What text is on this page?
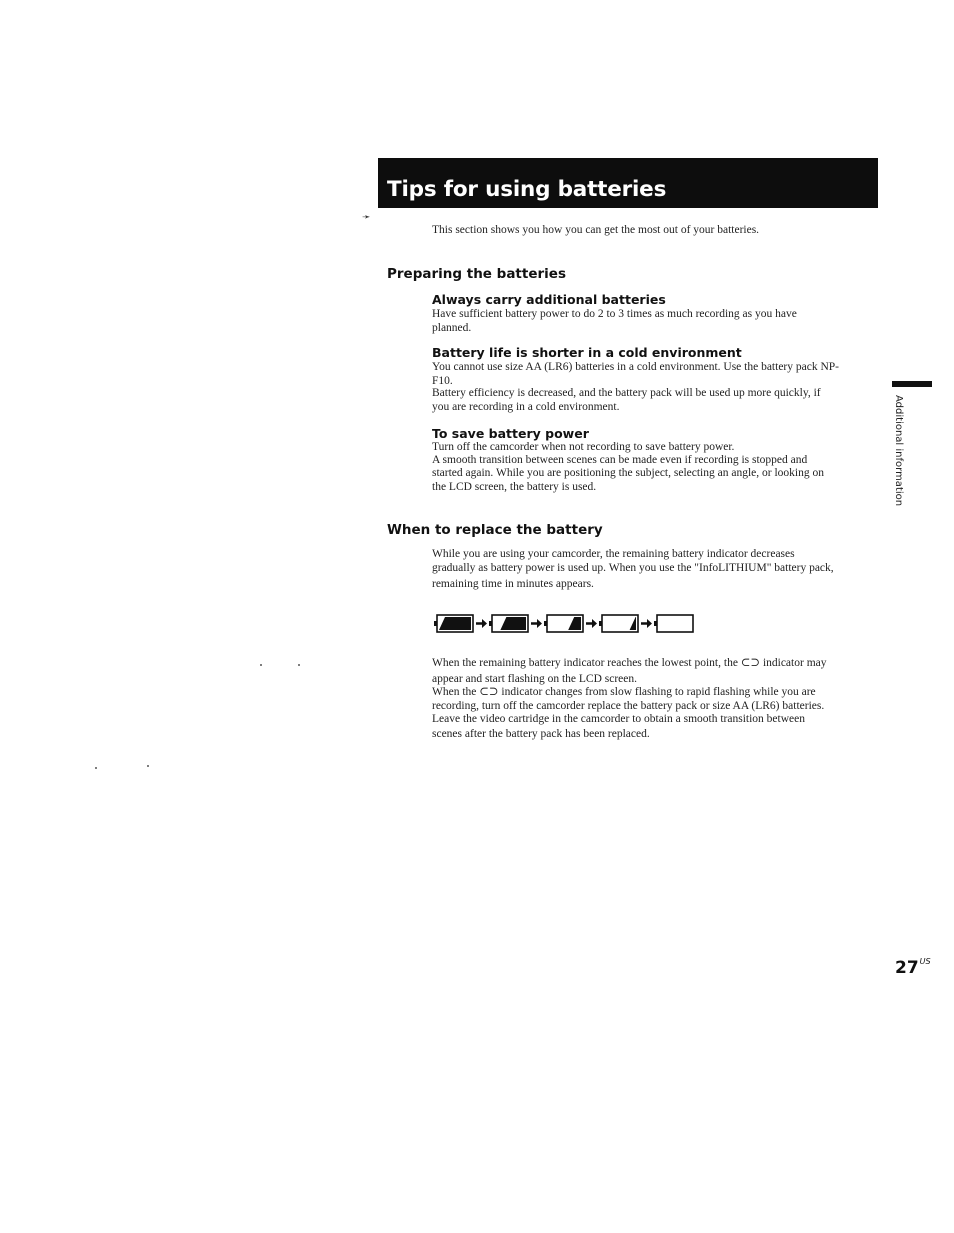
Tips for using batteries
➛

This section shows you how you can get the most out of your batteries.

Preparing the batteries
Always carry additional batteries

Have sufficient battery power to do 2 to 3 times as much recording as you have

planned.

Battery life is shorter in a cold environment

You cannot use size AA (LR6) batteries in a cold environment. Use the battery pack NP-

F10.

Battery efficiency is decreased, and the battery pack will be used up more quickly, if

you are recording in a cold environment.

To save battery power

Turn off the camcorder when not recording to save battery power.

A smooth transition between scenes can be made even if recording is stopped and

started again. While you are positioning the subject, selecting an angle, or looking on

the LCD screen, the battery is used.

When to replace the battery

While you are using your camcorder, the remaining battery indicator decreases

gradually as battery power is used up. When you use the "InfoLITHIUM" battery pack,

remaining time in minutes appears.

When the remaining battery indicator reaches the lowest point, the ⊂⊃ indicator may

appear and start flashing on the LCD screen.

When the ⊂⊃ indicator changes from slow flashing to rapid flashing while you are

recording, turn off the camcorder replace the battery pack or size AA (LR6) batteries.

Leave the video cartridge in the camcorder to obtain a smooth transition between

scenes after the battery pack has been replaced.

Additional information
$27^{US}$
